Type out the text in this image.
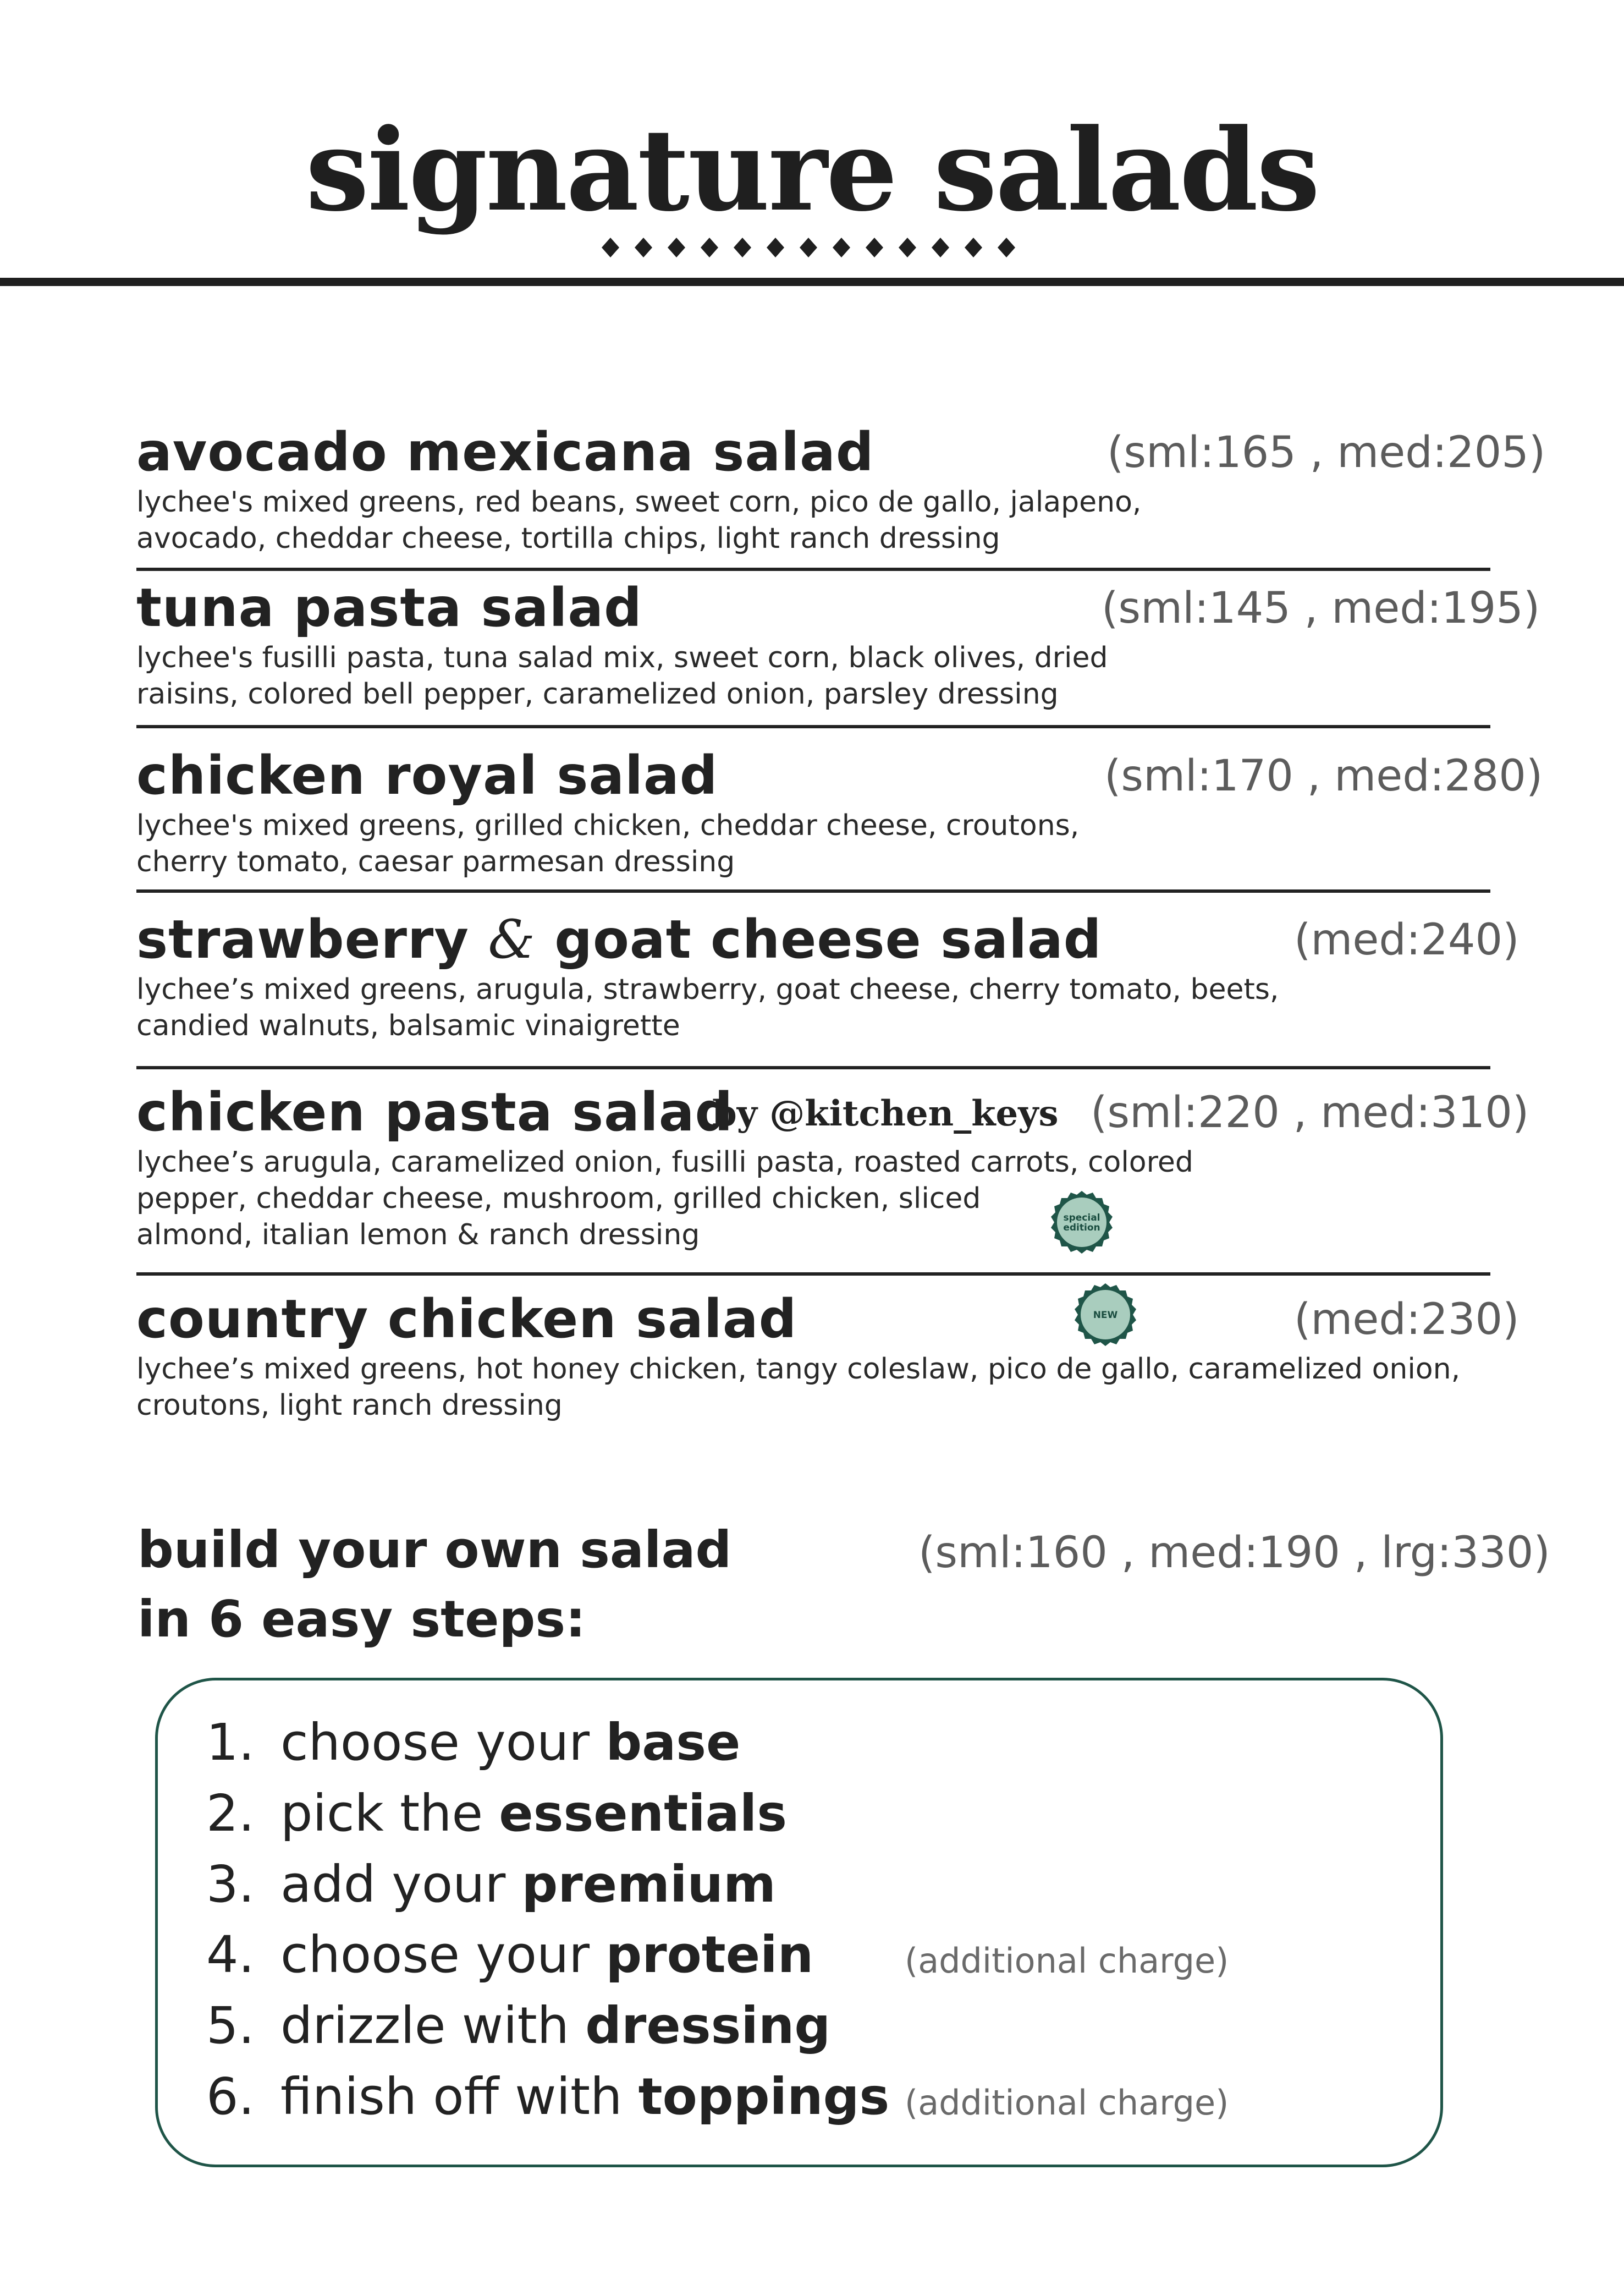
signature salads
avocado mexicana salad	(sml:165 , med:205)
lychee's mixed greens, red beans, sweet corn, pico de gallo, jalapeno,
avocado, cheddar cheese, tortilla chips, light ranch dressing
tuna pasta salad	(sml:145 , med:195)
lychee's fusilli pasta, tuna salad mix, sweet corn, black olives, dried
raisins, colored bell pepper, caramelized onion, parsley dressing
chicken royal salad	(sml:170 , med:280)
lychee's mixed greens, grilled chicken, cheddar cheese, croutons,
cherry tomato, caesar parmesan dressing
strawberry & goat cheese salad	(med:240)
lychee’s mixed greens, arugula, strawberry, goat cheese, cherry tomato, beets,
candied walnuts, balsamic vinaigrette
chicken pasta salad	(sml:220 , med:310)
lychee’s arugula, caramelized onion, fusilli pasta, roasted carrots, colored
pepper, cheddar cheese, mushroom, grilled chicken, sliced
almond, italian lemon & ranch dressing
by @kitchen_keys
special edition
country chicken salad	(med:230)
lychee’s mixed greens, hot honey chicken, tangy coleslaw, pico de gallo, caramelized onion,
croutons, light ranch dressing
NEW
build your own salad
in 6 easy steps:
(sml:160 , med:190 , lrg:330)
1. choose your base
2. pick the essentials
3. add your premium
4. choose your protein	(additional charge)
5. drizzle with dressing
6. finish off with toppings (additional charge)
